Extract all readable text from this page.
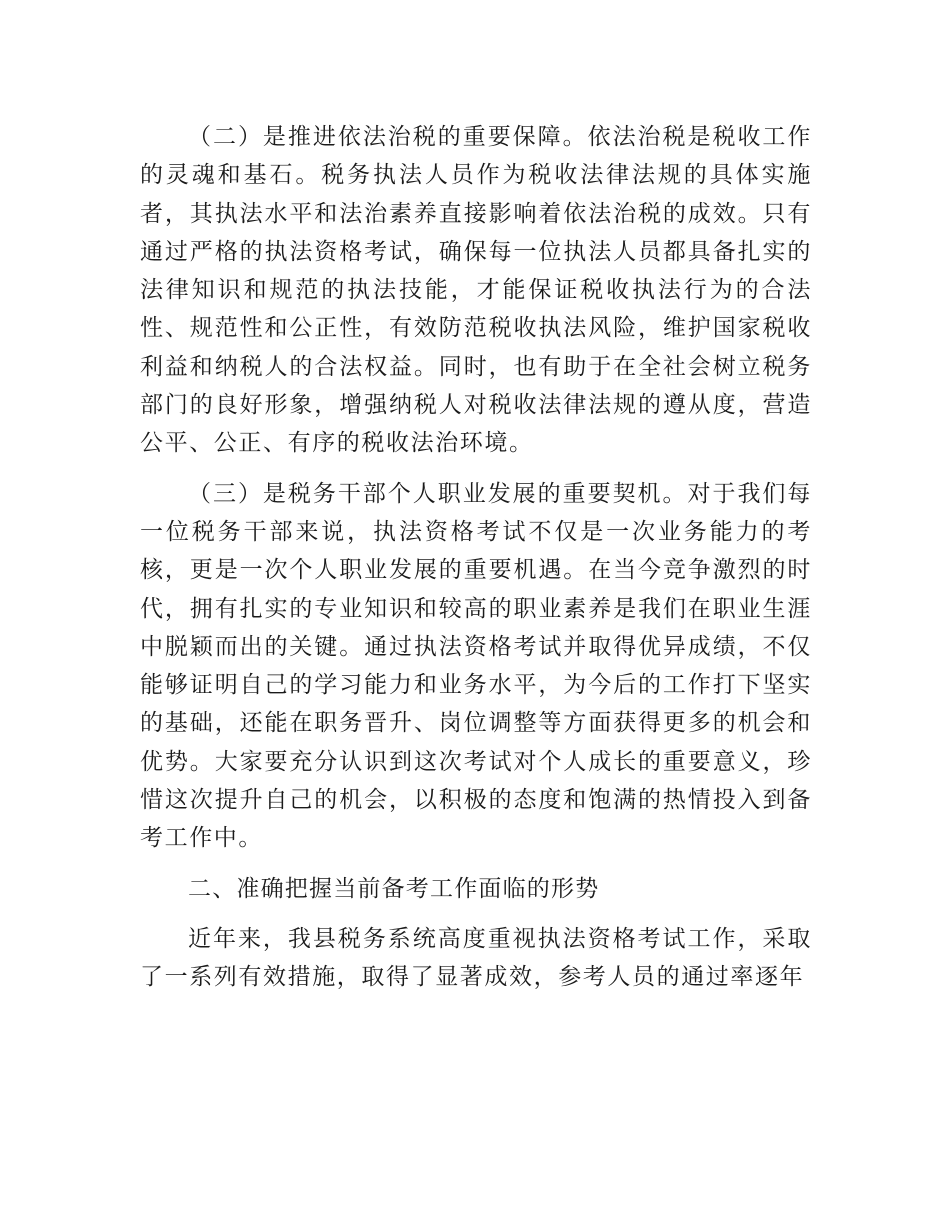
（二）是推进依法治税的重要保障。依法治税是税收工作的灵魂和基石。税务执法人员作为税收法律法规的具体实施者，其执法水平和法治素养直接影响着依法治税的成效。只有通过严格的执法资格考试，确保每一位执法人员都具备扎实的法律知识和规范的执法技能，才能保证税收执法行为的合法性、规范性和公正性，有效防范税收执法风险，维护国家税收利益和纳税人的合法权益。同时，也有助于在全社会树立税务部门的良好形象，增强纳税人对税收法律法规的遵从度，营造公平、公正、有序的税收法治环境。

（三）是税务干部个人职业发展的重要契机。对于我们每一位税务干部来说，执法资格考试不仅是一次业务能力的考核，更是一次个人职业发展的重要机遇。在当今竞争激烈的时代，拥有扎实的专业知识和较高的职业素养是我们在职业生涯中脱颖而出的关键。通过执法资格考试并取得优异成绩，不仅能够证明自己的学习能力和业务水平，为今后的工作打下坚实的基础，还能在职务晋升、岗位调整等方面获得更多的机会和优势。大家要充分认识到这次考试对个人成长的重要意义，珍惜这次提升自己的机会，以积极的态度和饱满的热情投入到备考工作中。

二、准确把握当前备考工作面临的形势

近年来，我县税务系统高度重视执法资格考试工作，采取了一系列有效措施，取得了显著成效，参考人员的通过率逐年
